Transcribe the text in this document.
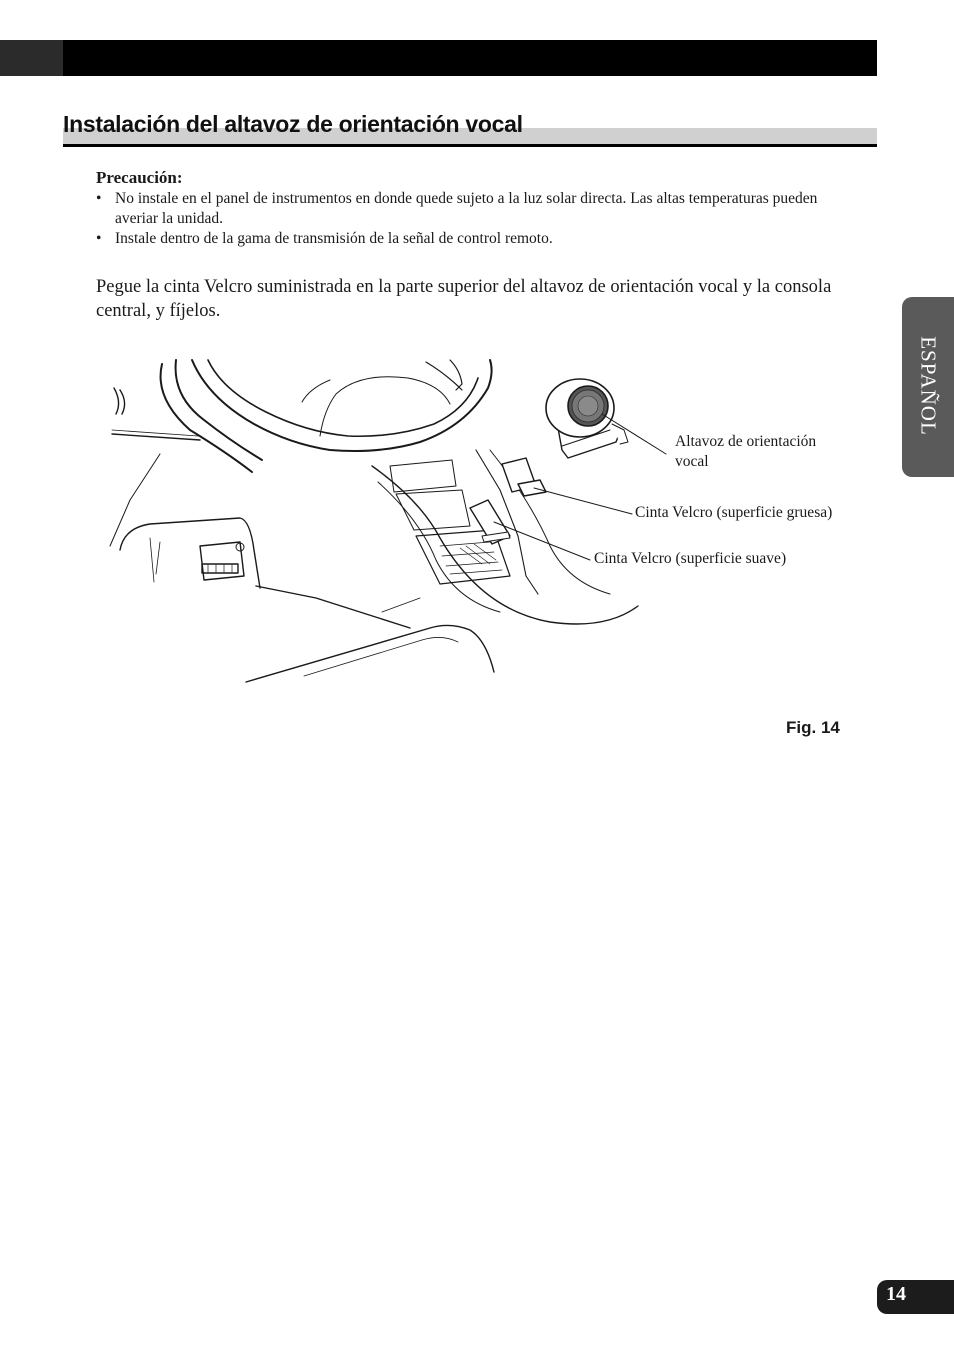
Instalación del altavoz de orientación vocal

Precaución:

• No instale en el panel de instrumentos en donde quede sujeto a la luz solar directa. Las altas temperaturas pueden averiar la unidad.
• Instale dentro de la gama de transmisión de la señal de control remoto.

Pegue la cinta Velcro suministrada en la parte superior del altavoz de orientación vocal y la consola central, y fíjelos.

Altavoz de orientación
vocal
Cinta Velcro (superficie gruesa)
Cinta Velcro (superficie suave)
Fig. 14
ESPAÑOL
14
